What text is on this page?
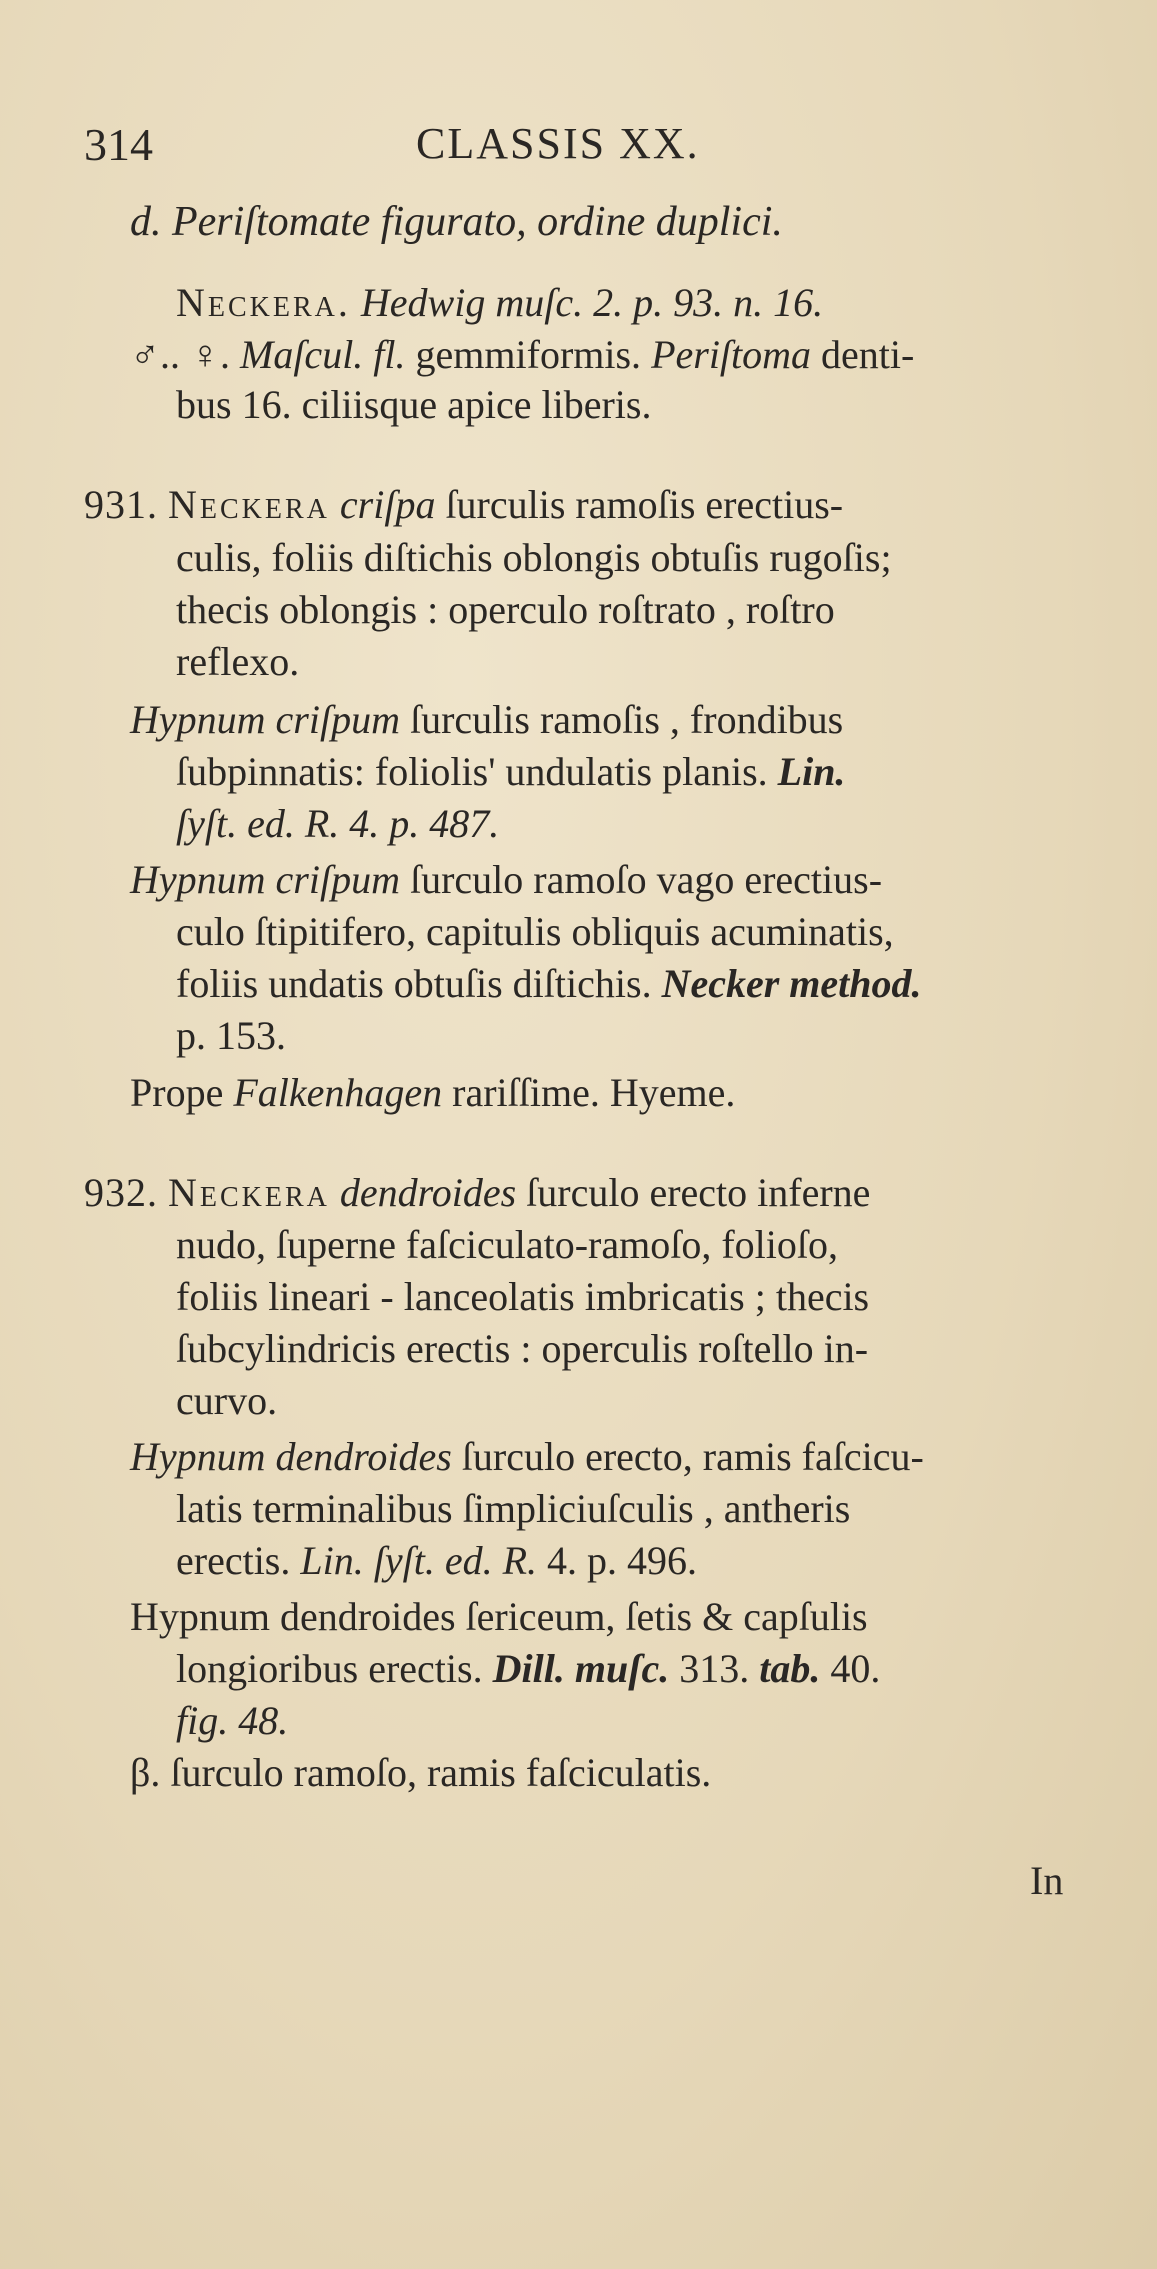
314	CLASSIS XX.
d. Periſtomate figurato, ordine duplici.
Neckera. Hedwig muſc. 2. p. 93. n. 16.
♂.. ♀. Maſcul. fl. gemmiformis. Periſtoma denti-
bus 16. ciliisque apice liberis.
931. Neckera criſpa ſurculis ramoſis erectius-
culis, foliis diſtichis oblongis obtuſis rugoſis;
thecis oblongis : operculo roſtrato , roſtro
reflexo.
Hypnum criſpum ſurculis ramoſis , frondibus
ſubpinnatis: foliolis' undulatis planis. Lin.
ſyſt. ed. R. 4. p. 487.
Hypnum criſpum ſurculo ramoſo vago erectius-
culo ſtipitifero, capitulis obliquis acuminatis,
foliis undatis obtuſis diſtichis. Necker method.
p. 153.
Prope Falkenhagen rariſſime. Hyeme.
932. Neckera dendroides ſurculo erecto inferne
nudo, ſuperne faſciculato-ramoſo, folioſo,
foliis lineari - lanceolatis imbricatis ; thecis
ſubcylindricis erectis : operculis roſtello in-
curvo.
Hypnum dendroides ſurculo erecto, ramis faſcicu-
latis terminalibus ſimpliciuſculis , antheris
erectis. Lin. ſyſt. ed. R. 4. p. 496.
Hypnum dendroides ſericeum, ſetis & capſulis
longioribus erectis. Dill. muſc. 313. tab. 40.
fig. 48.
β. ſurculo ramoſo, ramis faſciculatis.
In
